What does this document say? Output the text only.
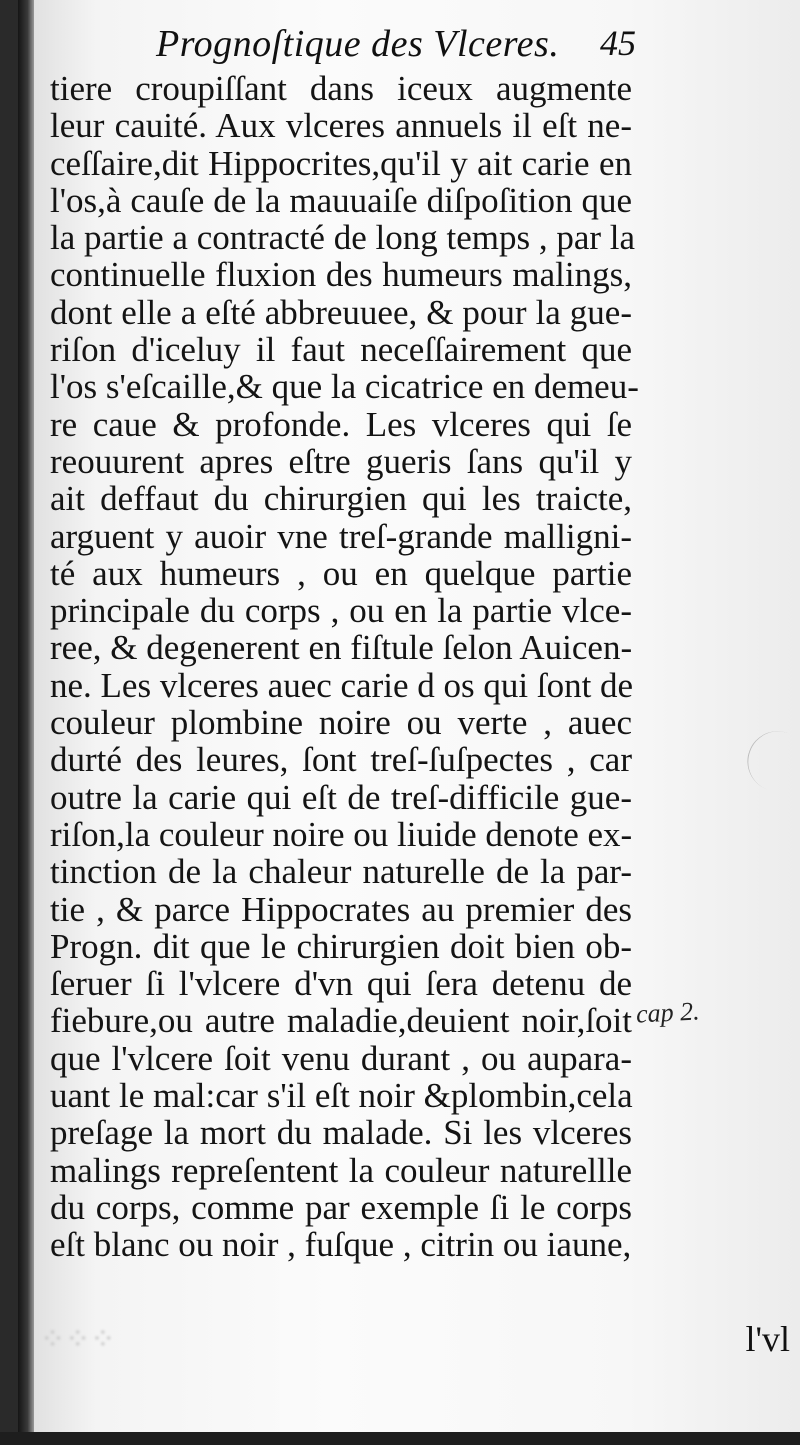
Prognoſtique des Vlceres. 45
tiere croupiſſant dans iceux augmente
leur cauité. Aux vlceres annuels il eſt ne-
ceſſaire,dit Hippocrites,qu'il y ait carie en
l'os,à cauſe de la mauuaiſe diſpoſition que
la partie a contracté de long temps , par la
continuelle fluxion des humeurs malings,
dont elle a eſté abbreuuee, & pour la gue-
riſon d'iceluy il faut neceſſairement que
l'os s'eſcaille,& que la cicatrice en demeu-
re caue & profonde. Les vlceres qui ſe
reouurent apres eſtre gueris ſans qu'il y
ait deffaut du chirurgien qui les traicte,
arguent y auoir vne treſ-grande malligni-
té aux humeurs , ou en quelque partie
principale du corps , ou en la partie vlce-
ree, & degenerent en fiſtule ſelon Auicen-
ne. Les vlceres auec carie d os qui ſont de
couleur plombine noire ou verte , auec
durté des leures, ſont treſ-ſuſpectes , car
outre la carie qui eſt de treſ-difficile gue-
riſon,la couleur noire ou liuide denote ex-
tinction de la chaleur naturelle de la par-
tie , & parce Hippocrates au premier des
Progn. dit que le chirurgien doit bien ob-
ſeruer ſi l'vlcere d'vn qui ſera detenu de
fiebure,ou autre maladie,deuient noir,ſoit
que l'vlcere ſoit venu durant , ou aupara-
uant le mal:car s'il eſt noir &plombin,cela
preſage la mort du malade. Si les vlceres
malings repreſentent la couleur naturellle
du corps, comme par exemple ſi le corps
eſt blanc ou noir , fuſque , citrin ou iaune,
cap 2.
⁘⁘⁘	l'vl
